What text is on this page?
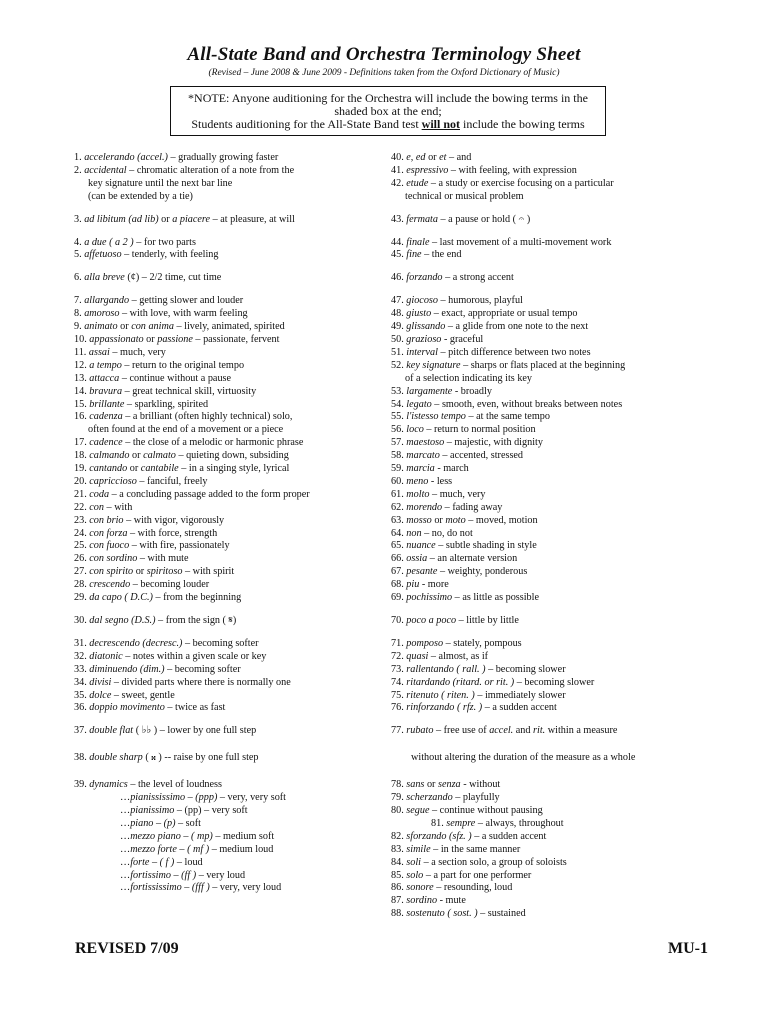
All-State Band and Orchestra Terminology Sheet
(Revised – June 2008 & June 2009 - Definitions taken from the Oxford Dictionary of Music)
*NOTE: Anyone auditioning for the Orchestra will include the bowing terms in the shaded box at the end;
Students auditioning for the All-State Band test will not include the bowing terms
1. accelerando (accel.) – gradually growing faster
2. accidental – chromatic alteration of a note from the
key signature until the next bar line
(can be extended by a tie)
3. ad libitum (ad lib) or a piacere – at pleasure, at will
4. a due ( a 2 ) – for two parts
5. affetuoso – tenderly, with feeling
6. alla breve (¢) – 2/2 time, cut time
7. allargando – getting slower and louder
8. amoroso – with love, with warm feeling
9. animato or con anima – lively, animated, spirited
10. appassionato or passione – passionate, fervent
11. assai – much, very
12. a tempo – return to the original tempo
13. attacca – continue without a pause
14. bravura – great technical skill, virtuosity
15. brillante – sparkling, spirited
16. cadenza – a brilliant (often highly technical) solo,
often found at the end of a movement or a piece
17. cadence – the close of a melodic or harmonic phrase
18. calmando or calmato – quieting down, subsiding
19. cantando or cantabile – in a singing style, lyrical
20. capriccioso – fanciful, freely
21. coda – a concluding passage added to the form proper
22. con – with
23. con brio – with vigor, vigorously
24. con forza – with force, strength
25. con fuoco – with fire, passionately
26. con sordino – with mute
27. con spirito or spiritoso – with spirit
28. crescendo – becoming louder
29. da capo ( D.C.) – from the beginning
30. dal segno (D.S.) – from the sign ( 𝄋)
31. decrescendo (decresc.) – becoming softer
32. diatonic – notes within a given scale or key
33. diminuendo (dim.) – becoming softer
34. divisi – divided parts where there is normally one
35. dolce – sweet, gentle
36. doppio movimento – twice as fast
37. double flat ( ♭♭ ) – lower by one full step
38. double sharp ( 𝄪 ) -- raise by one full step
39. dynamics – the level of loudness
…pianississimo – (ppp) – very, very soft
…pianissimo – (pp) – very soft
…piano – (p) – soft
…mezzo piano – ( mp) – medium soft
…mezzo forte – ( mf ) – medium loud
…forte – ( f ) – loud
…fortissimo – (ff ) – very loud
…fortississimo – (fff ) – very, very loud
40. e, ed or et – and
41. espressivo – with feeling, with expression
42. etude – a study or exercise focusing on a particular
technical or musical problem
43. fermata – a pause or hold ( 𝄐 )
44. finale – last movement of a multi-movement work
45. fine – the end
46. forzando – a strong accent
47. giocoso – humorous, playful
48. giusto – exact, appropriate or usual tempo
49. glissando – a glide from one note to the next
50. grazioso - graceful
51. interval – pitch difference between two notes
52. key signature – sharps or flats placed at the beginning
of a selection indicating its key
53. largamente - broadly
54. legato – smooth, even, without breaks between notes
55. l'istesso tempo – at the same tempo
56. loco – return to normal position
57. maestoso – majestic, with dignity
58. marcato – accented, stressed
59. marcia - march
60. meno - less
61. molto – much, very
62. morendo – fading away
63. mosso or moto – moved, motion
64. non – no, do not
65. nuance – subtle shading in style
66. ossia – an alternate version
67. pesante – weighty, ponderous
68. piu - more
69. pochissimo – as little as possible
70. poco a poco – little by little
71. pomposo – stately, pompous
72. quasi – almost, as if
73. rallentando ( rall. ) – becoming slower
74. ritardando (ritard. or rit. ) – becoming slower
75. ritenuto ( riten. ) – immediately slower
76. rinforzando ( rfz. ) – a sudden accent
77. rubato – free use of accel. and rit. within a measure
without altering the duration of the measure as a whole
78. sans or senza - without
79. scherzando – playfully
80. segue – continue without pausing
81. sempre – always, throughout
82. sforzando (sfz. ) – a sudden accent
83. simile – in the same manner
84. soli – a section solo, a group of soloists
85. solo – a part for one performer
86. sonore – resounding, loud
87. sordino - mute
88. sostenuto ( sost. ) – sustained
REVISED 7/09	MU-1
